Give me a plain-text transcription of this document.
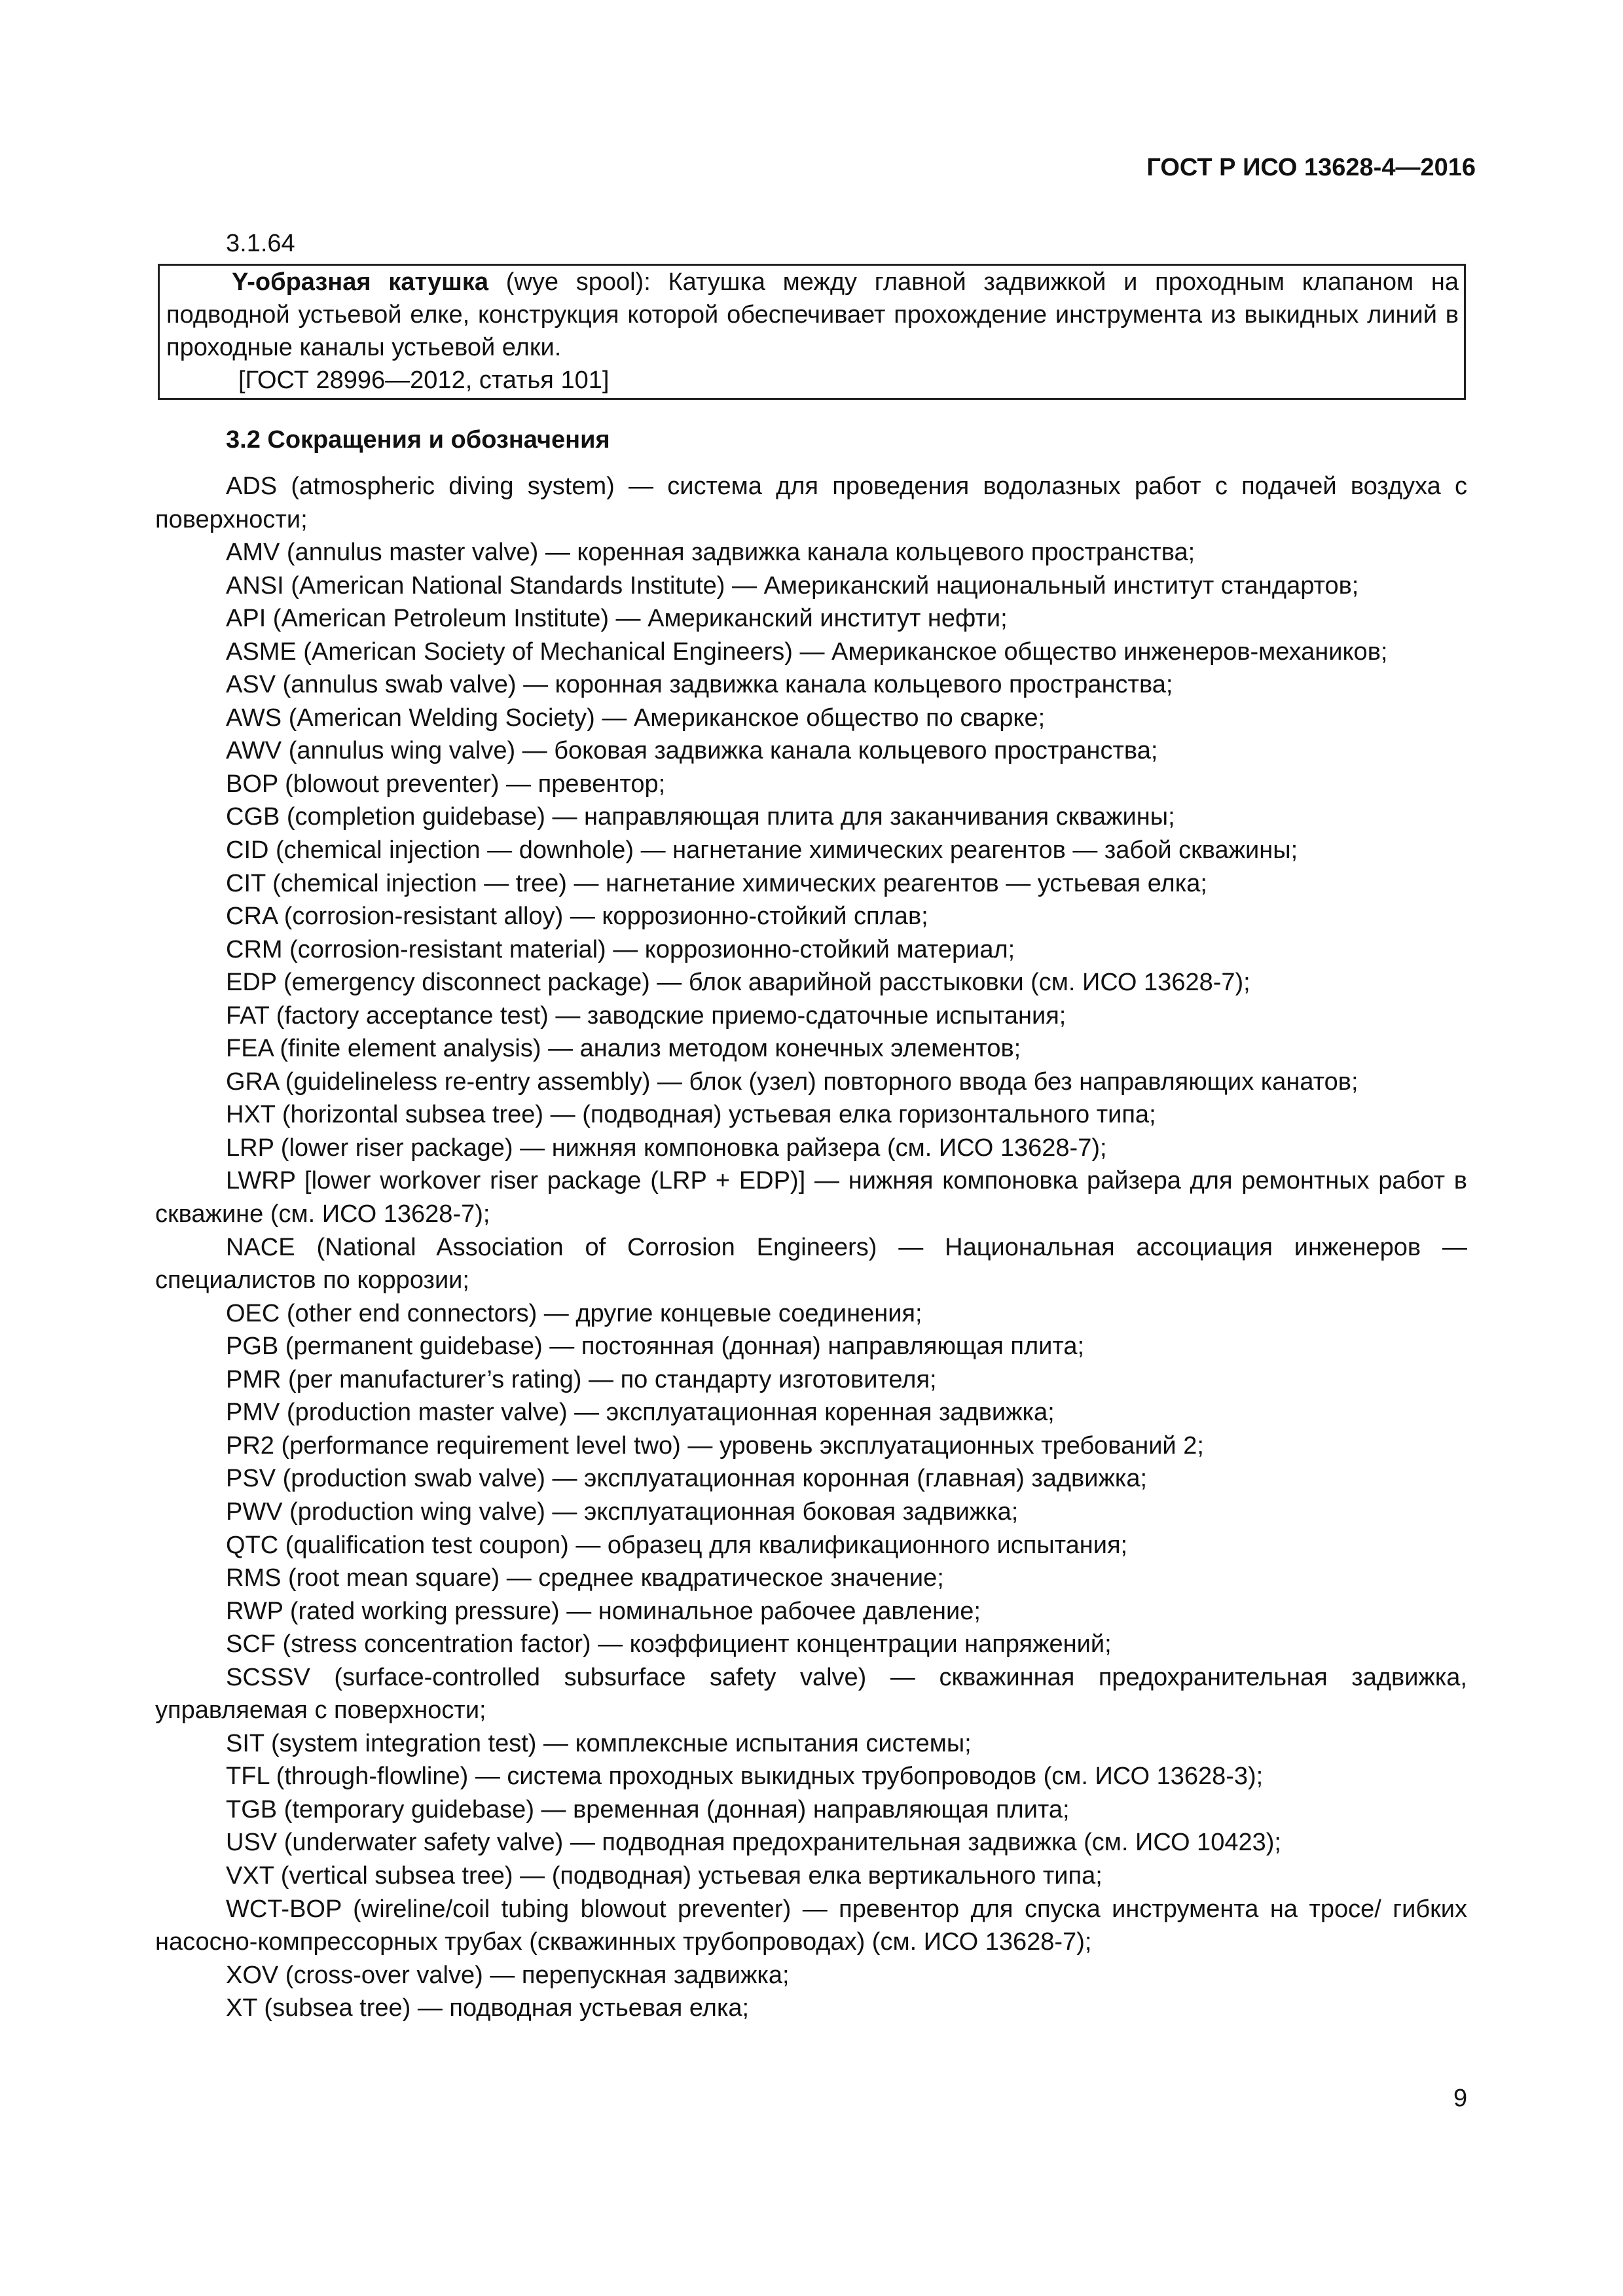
ГОСТ Р ИСО 13628-4—2016
3.1.64
Y-образная катушка (wye spool): Катушка между главной задвижкой и проходным клапаном на подводной устьевой елке, конструкция которой обеспечивает прохождение инструмента из выкидных линий в проходные каналы устьевой елки.
[ГОСТ 28996—2012, статья 101]
3.2 Сокращения и обозначения
ADS (atmospheric diving system) — система для проведения водолазных работ с подачей воздуха с поверхности;
AMV (annulus master valve) — коренная задвижка канала кольцевого пространства;
ANSI (American National Standards Institute) — Американский национальный институт стандартов;
API (American Petroleum Institute) — Американский институт нефти;
ASME (American Society of Mechanical Engineers) — Американское общество инженеров-механиков;
ASV (annulus swab valve) — коронная задвижка канала кольцевого пространства;
AWS (American Welding Society) — Американское общество по сварке;
AWV (annulus wing valve) — боковая задвижка канала кольцевого пространства;
BOP (blowout preventer) — превентор;
CGB (completion guidebase) — направляющая плита для заканчивания скважины;
CID (chemical injection — downhole) — нагнетание химических реагентов — забой скважины;
CIT (chemical injection — tree) — нагнетание химических реагентов — устьевая елка;
CRA (corrosion-resistant alloy) — коррозионно-стойкий сплав;
CRM (corrosion-resistant material) — коррозионно-стойкий материал;
EDP (emergency disconnect package) — блок аварийной расстыковки (см. ИСО 13628-7);
FAT (factory acceptance test) — заводские приемо-сдаточные испытания;
FEA (finite element analysis) — анализ методом конечных элементов;
GRA (guidelineless re-entry assembly) — блок (узел) повторного ввода без направляющих канатов;
HXT (horizontal subsea tree) — (подводная) устьевая елка горизонтального типа;
LRP (lower riser package) — нижняя компоновка райзера (см. ИСО 13628-7);
LWRP [lower workover riser package (LRP + EDP)] — нижняя компоновка райзера для ремонтных работ в скважине (см. ИСО 13628-7);
NACE (National Association of Corrosion Engineers) — Национальная ассоциация инженеров — специалистов по коррозии;
OEC (other end connectors) — другие концевые соединения;
PGB (permanent guidebase) — постоянная (донная) направляющая плита;
PMR (per manufacturer’s rating) — по стандарту изготовителя;
PMV (production master valve) — эксплуатационная коренная задвижка;
PR2 (performance requirement level two) — уровень эксплуатационных требований 2;
PSV (production swab valve) — эксплуатационная коронная (главная) задвижка;
PWV (production wing valve) — эксплуатационная боковая задвижка;
QTC (qualification test coupon) — образец для квалификационного испытания;
RMS (root mean square) — среднее квадратическое значение;
RWP (rated working pressure) — номинальное рабочее давление;
SCF (stress concentration factor) — коэффициент концентрации напряжений;
SCSSV (surface-controlled subsurface safety valve) — скважинная предохранительная задвижка, управляемая с поверхности;
SIT (system integration test) — комплексные испытания системы;
TFL (through-flowline) — система проходных выкидных трубопроводов (см. ИСО 13628-3);
TGB (temporary guidebase) — временная (донная) направляющая плита;
USV (underwater safety valve) — подводная предохранительная задвижка (см. ИСО 10423);
VXT (vertical subsea tree) — (подводная) устьевая елка вертикального типа;
WCT-BOP (wireline/coil tubing blowout preventer) — превентор для спуска инструмента на тросе/ гибких насосно-компрессорных трубах (скважинных трубопроводах) (см. ИСО 13628-7);
XOV (cross-over valve) — перепускная задвижка;
XT (subsea tree) — подводная устьевая елка;
9
